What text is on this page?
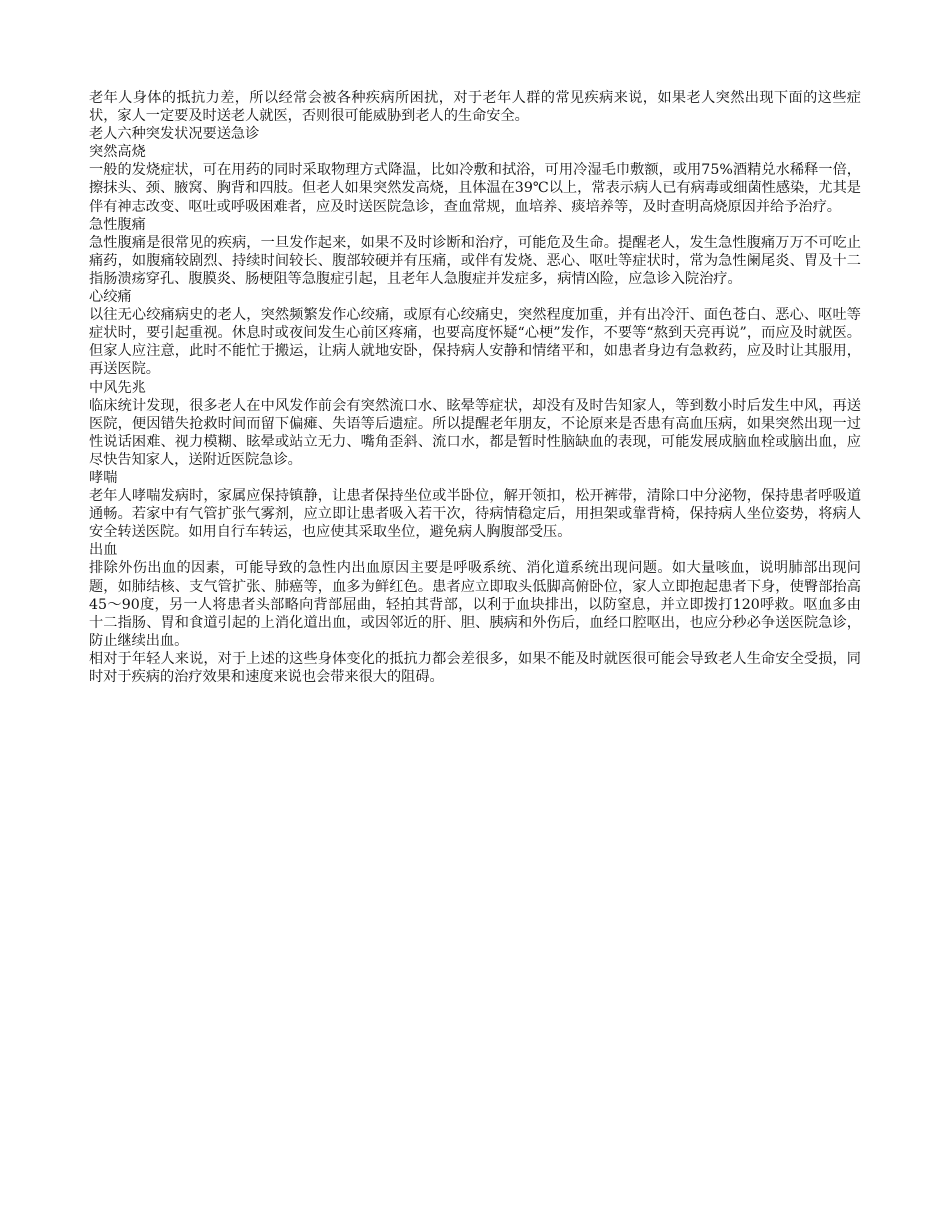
老年人身体的抵抗力差，所以经常会被各种疾病所困扰，对于老年人群的常见疾病来说，如果老人突然出现下面的这些症状，家人一定要及时送老人就医，否则很可能威胁到老人的生命安全。

老人六种突发状况要送急诊

突然高烧

一般的发烧症状，可在用药的同时采取物理方式降温，比如冷敷和拭浴，可用冷湿毛巾敷额，或用75%酒精兑水稀释一倍，擦抹头、颈、腋窝、胸背和四肢。但老人如果突然发高烧，且体温在39℃以上，常表示病人已有病毒或细菌性感染，尤其是伴有神志改变、呕吐或呼吸困难者，应及时送医院急诊，查血常规，血培养、痰培养等，及时查明高烧原因并给予治疗。

急性腹痛

急性腹痛是很常见的疾病，一旦发作起来，如果不及时诊断和治疗，可能危及生命。提醒老人，发生急性腹痛万万不可吃止痛药，如腹痛较剧烈、持续时间较长、腹部较硬并有压痛，或伴有发烧、恶心、呕吐等症状时，常为急性阑尾炎、胃及十二指肠溃疡穿孔、腹膜炎、肠梗阻等急腹症引起，且老年人急腹症并发症多，病情凶险，应急诊入院治疗。

心绞痛

以往无心绞痛病史的老人，突然频繁发作心绞痛，或原有心绞痛史，突然程度加重，并有出冷汗、面色苍白、恶心、呕吐等症状时，要引起重视。休息时或夜间发生心前区疼痛，也要高度怀疑“心梗”发作，不要等“熬到天亮再说”，而应及时就医。但家人应注意，此时不能忙于搬运，让病人就地安卧，保持病人安静和情绪平和，如患者身边有急救药，应及时让其服用，再送医院。

中风先兆

临床统计发现，很多老人在中风发作前会有突然流口水、眩晕等症状，却没有及时告知家人，等到数小时后发生中风，再送医院，便因错失抢救时间而留下偏瘫、失语等后遗症。所以提醒老年朋友，不论原来是否患有高血压病，如果突然出现一过性说话困难、视力模糊、眩晕或站立无力、嘴角歪斜、流口水，都是暂时性脑缺血的表现，可能发展成脑血栓或脑出血，应尽快告知家人，送附近医院急诊。

哮喘

老年人哮喘发病时，家属应保持镇静，让患者保持坐位或半卧位，解开领扣，松开裤带，清除口中分泌物，保持患者呼吸道通畅。若家中有气管扩张气雾剂，应立即让患者吸入若干次，待病情稳定后，用担架或靠背椅，保持病人坐位姿势，将病人安全转送医院。如用自行车转运，也应使其采取坐位，避免病人胸腹部受压。

出血

排除外伤出血的因素，可能导致的急性内出血原因主要是呼吸系统、消化道系统出现问题。如大量咳血，说明肺部出现问题，如肺结核、支气管扩张、肺癌等，血多为鲜红色。患者应立即取头低脚高俯卧位，家人立即抱起患者下身，使臀部抬高45～90度，另一人将患者头部略向背部屈曲，轻拍其背部，以利于血块排出，以防窒息，并立即拨打120呼救。呕血多由十二指肠、胃和食道引起的上消化道出血，或因邻近的肝、胆、胰病和外伤后，血经口腔呕出，也应分秒必争送医院急诊，防止继续出血。

相对于年轻人来说，对于上述的这些身体变化的抵抗力都会差很多，如果不能及时就医很可能会导致老人生命安全受损，同时对于疾病的治疗效果和速度来说也会带来很大的阻碍。
